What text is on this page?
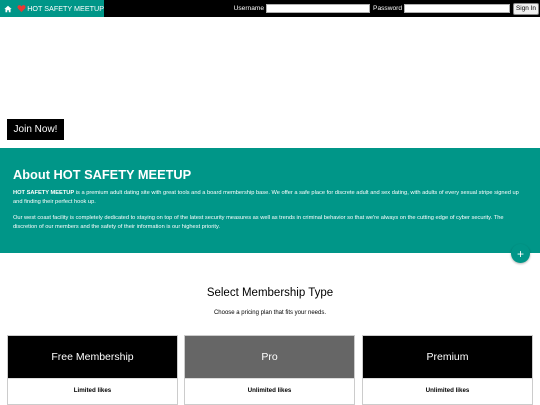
HOT SAFETY MEETUP	Username	Password	Sign In
Join Now!
About HOT SAFETY MEETUP

HOT SAFETY MEETUP is a premium adult dating site with great tools and a board membership base. We offer a safe place for discrete adult and sex dating, with adults of every sexual stripe signed up and finding their perfect hook up.

Our west coast facility is completely dedicated to staying on top of the latest security measures as well as trends in criminal behavior so that we're always on the cutting edge of cyber security. The discretion of our members and the safety of their information is our highest priority.

+
Select Membership Type
Choose a pricing plan that fits your needs.
Free Membership
Limited likes
Pro
Unlimited likes
Premium
Unlimited likes
